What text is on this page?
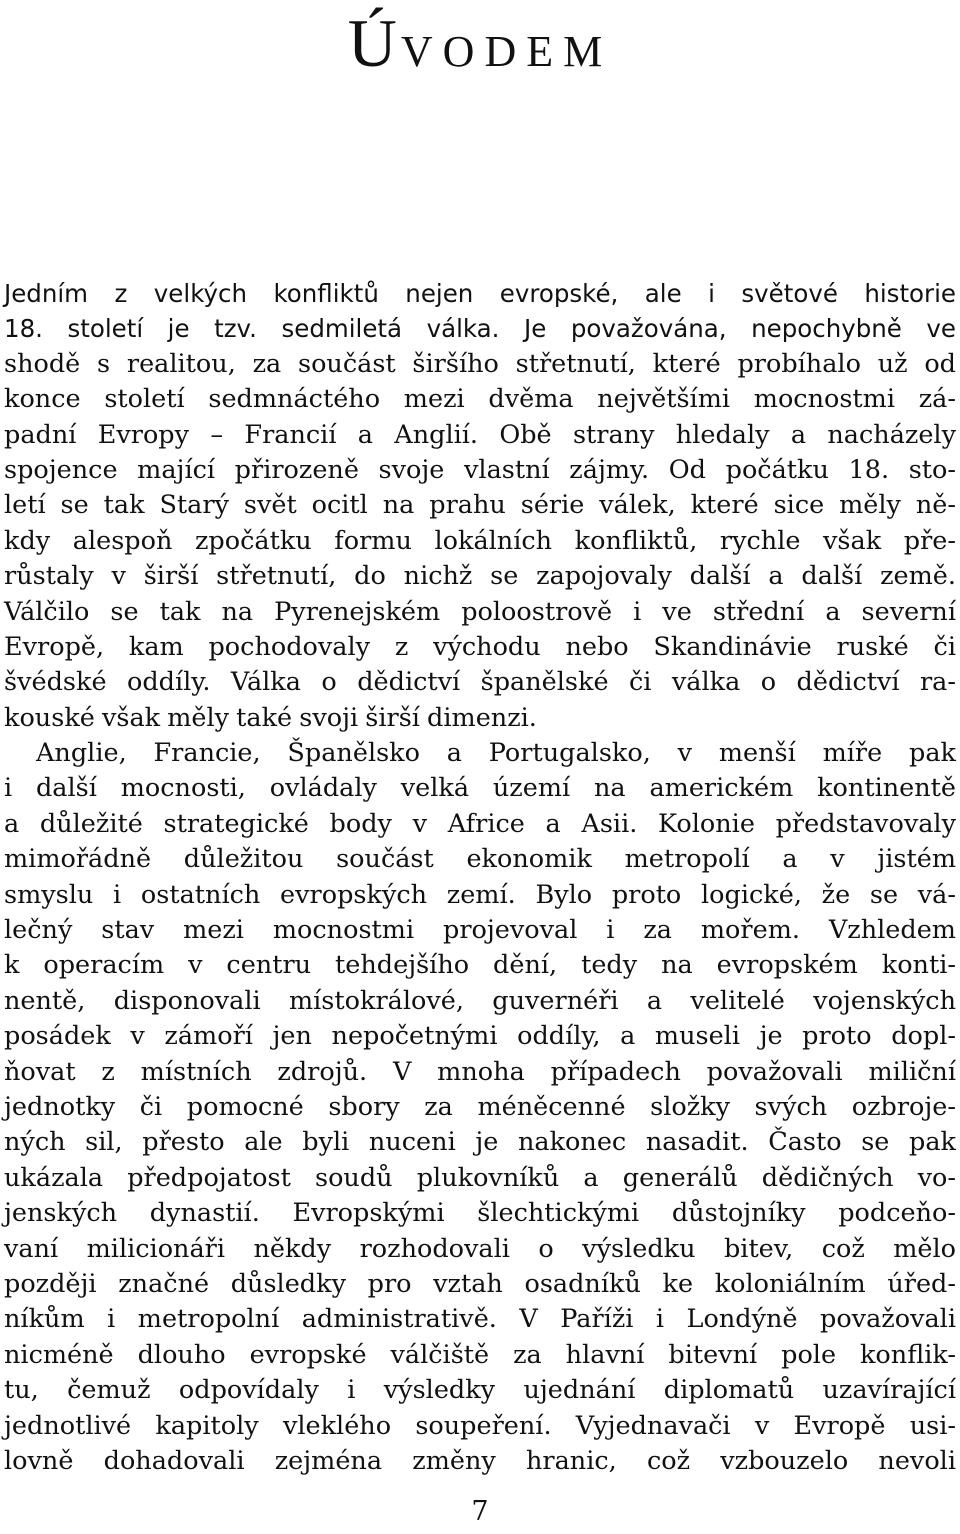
ÚVODEM
Jedním z velkých konfliktů nejen evropské, ale i světové historie
18. století je tzv. sedmiletá válka. Je považována, nepochybně ve
shodě s realitou, za součást širšího střetnutí, které probíhalo už od
konce století sedmnáctého mezi dvěma největšími mocnostmi zá-
padní Evropy – Francií a Anglií. Obě strany hledaly a nacházely
spojence mající přirozeně svoje vlastní zájmy. Od počátku 18. sto-
letí se tak Starý svět ocitl na prahu série válek, které sice měly ně-
kdy alespoň zpočátku formu lokálních konfliktů, rychle však pře-
růstaly v širší střetnutí, do nichž se zapojovaly další a další země.
Válčilo se tak na Pyrenejském poloostrově i ve střední a severní
Evropě, kam pochodovaly z východu nebo Skandinávie ruské či
švédské oddíly. Válka o dědictví španělské či válka o dědictví ra-
kouské však měly také svoji širší dimenzi.
Anglie, Francie, Španělsko a Portugalsko, v menší míře pak
i další mocnosti, ovládaly velká území na americkém kontinentě
a důležité strategické body v Africe a Asii. Kolonie představovaly
mimořádně důležitou součást ekonomik metropolí a v jistém
smyslu i ostatních evropských zemí. Bylo proto logické, že se vá-
lečný stav mezi mocnostmi projevoval i za mořem. Vzhledem
k operacím v centru tehdejšího dění, tedy na evropském konti-
nentě, disponovali místokrálové, guvernéři a velitelé vojenských
posádek v zámoří jen nepočetnými oddíly, a museli je proto dopl-
ňovat z místních zdrojů. V mnoha případech považovali miliční
jednotky či pomocné sbory za méněcenné složky svých ozbroje-
ných sil, přesto ale byli nuceni je nakonec nasadit. Často se pak
ukázala předpojatost soudů plukovníků a generálů dědičných vo-
jenských dynastií. Evropskými šlechtickými důstojníky podceňo-
vaní milicionáři někdy rozhodovali o výsledku bitev, což mělo
později značné důsledky pro vztah osadníků ke koloniálním úřed-
níkům i metropolní administrativě. V Paříži i Londýně považovali
nicméně dlouho evropské válčiště za hlavní bitevní pole konflik-
tu, čemuž odpovídaly i výsledky ujednání diplomatů uzavírající
jednotlivé kapitoly vleklého soupeření. Vyjednavači v Evropě usi-
lovně dohadovali zejména změny hranic, což vzbouzelo nevoli
7
